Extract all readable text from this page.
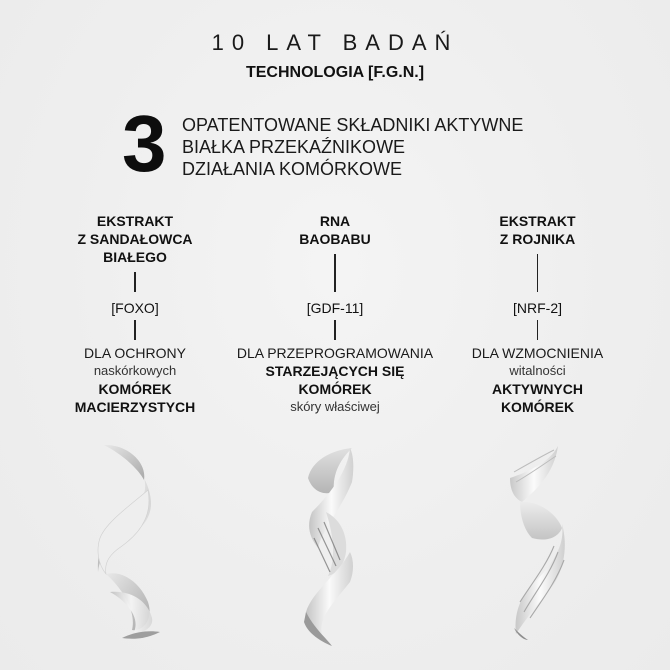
10 LAT BADAŃ
TECHNOLOGIA [F.G.N.]
3 OPATENTOWANE SKŁADNIKI AKTYWNE
BIAŁKA PRZEKAŹNIKOWE
DZIAŁANIA KOMÓRKOWE
EKSTRAKT
Z SANDAŁOWCA
BIAŁEGO
[FOXO]
DLA OCHRONY
naskórkowych
KOMÓREK
MACIERZYSTYCH
RNA
BAOBABU
[GDF-11]
DLA PRZEPROGRAMOWANIA
STARZEJĄCYCH SIĘ
KOMÓREK
skóry właściwej
EKSTRAKT
Z ROJNIKA
[NRF-2]
DLA WZMOCNIENIA
witalności
AKTYWNYCH
KOMÓREK
